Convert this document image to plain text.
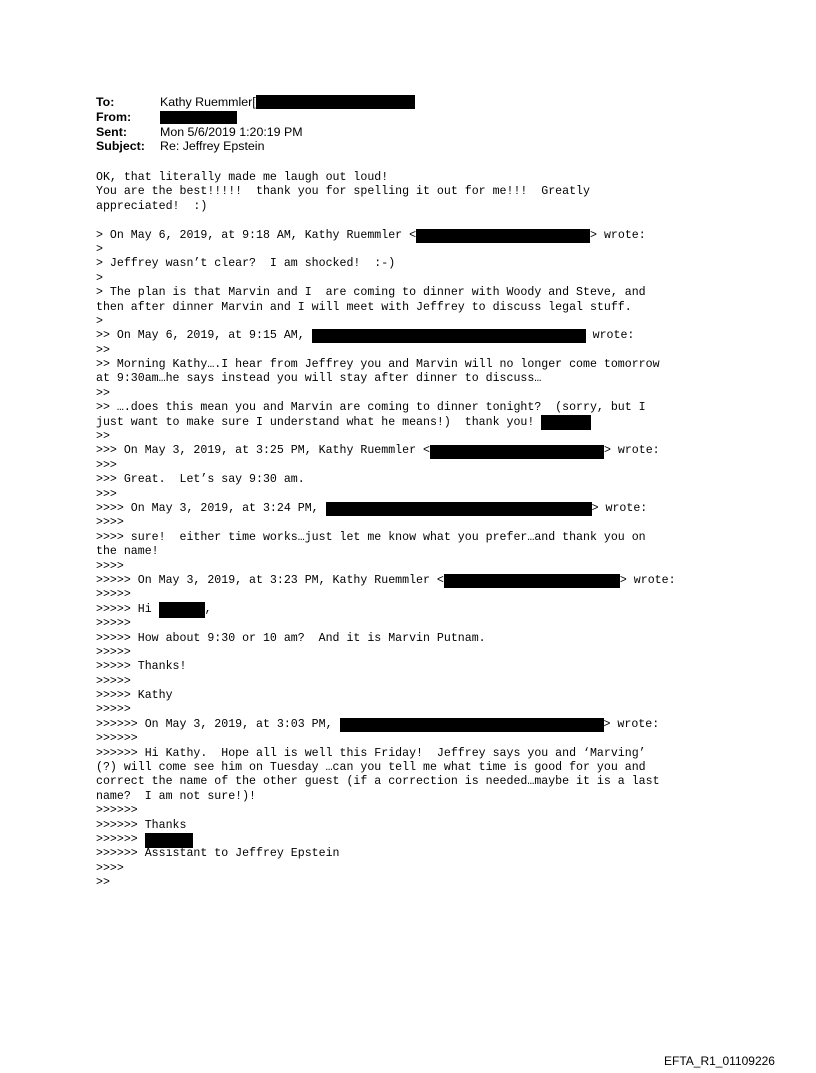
To:	Kathy Ruemmler[
From:
Sent:	Mon 5/6/2019 1:20:19 PM
Subject:	Re: Jeffrey Epstein
OK, that literally made me laugh out loud!
You are the best!!!!!  thank you for spelling it out for me!!!  Greatly
appreciated!  :)
> On May 6, 2019, at 9:18 AM, Kathy Ruemmler <	> wrote:
>
> Jeffrey wasn’t clear?  I am shocked!  :-)
>
> The plan is that Marvin and I  are coming to dinner with Woody and Steve, and
then after dinner Marvin and I will meet with Jeffrey to discuss legal stuff.
>
>> On May 6, 2019, at 9:15 AM,	wrote:
>>
>> Morning Kathy….I hear from Jeffrey you and Marvin will no longer come tomorrow
at 9:30am…he says instead you will stay after dinner to discuss…
>>
>> ….does this mean you and Marvin are coming to dinner tonight?  (sorry, but I
just want to make sure I understand what he means!)  thank you!
>>
>>> On May 3, 2019, at 3:25 PM, Kathy Ruemmler <	> wrote:
>>>
>>> Great.  Let’s say 9:30 am.
>>>
>>>> On May 3, 2019, at 3:24 PM,	> wrote:
>>>>
>>>> sure!  either time works…just let me know what you prefer…and thank you on
the name!
>>>>
>>>>> On May 3, 2019, at 3:23 PM, Kathy Ruemmler <	> wrote:
>>>>>
>>>>> Hi	,
>>>>>
>>>>> How about 9:30 or 10 am?  And it is Marvin Putnam.
>>>>>
>>>>> Thanks!
>>>>>
>>>>> Kathy
>>>>>
>>>>>> On May 3, 2019, at 3:03 PM,	> wrote:
>>>>>>
>>>>>> Hi Kathy.  Hope all is well this Friday!  Jeffrey says you and ‘Marving’
(?) will come see him on Tuesday …can you tell me what time is good for you and
correct the name of the other guest (if a correction is needed…maybe it is a last
name?  I am not sure!)!
>>>>>>
>>>>>> Thanks
>>>>>>
>>>>>> Assistant to Jeffrey Epstein
>>>>
>>
EFTA_R1_01109226
